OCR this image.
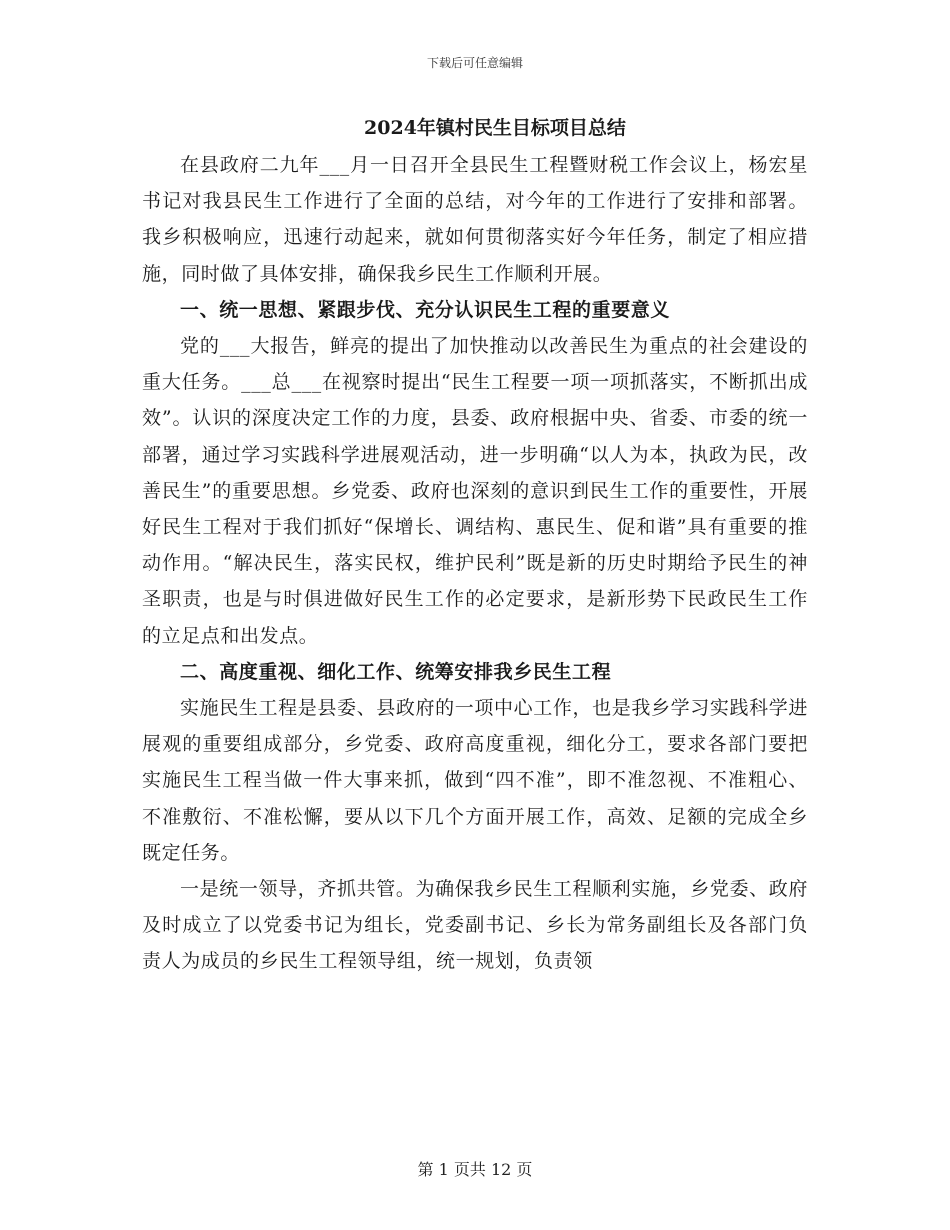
下载后可任意编辑
2024年镇村民生目标项目总结

在县政府二九年___月一日召开全县民生工程暨财税工作会议上，杨宏星书记对我县民生工作进行了全面的总结，对今年的工作进行了安排和部署。我乡积极响应，迅速行动起来，就如何贯彻落实好今年任务，制定了相应措施，同时做了具体安排，确保我乡民生工作顺利开展。

一、统一思想、紧跟步伐、充分认识民生工程的重要意义

党的___大报告，鲜亮的提出了加快推动以改善民生为重点的社会建设的重大任务。___总___在视察时提出“民生工程要一项一项抓落实，不断抓出成效”。认识的深度决定工作的力度，县委、政府根据中央、省委、市委的统一部署，通过学习实践科学进展观活动，进一步明确“以人为本，执政为民，改善民生”的重要思想。乡党委、政府也深刻的意识到民生工作的重要性，开展好民生工程对于我们抓好“保增长、调结构、惠民生、促和谐”具有重要的推动作用。“解决民生，落实民权，维护民利”既是新的历史时期给予民生的神圣职责，也是与时俱进做好民生工作的必定要求，是新形势下民政民生工作的立足点和出发点。

二、高度重视、细化工作、统筹安排我乡民生工程

实施民生工程是县委、县政府的一项中心工作，也是我乡学习实践科学进展观的重要组成部分，乡党委、政府高度重视，细化分工，要求各部门要把实施民生工程当做一件大事来抓，做到“四不准”，即不准忽视、不准粗心、不准敷衍、不准松懈，要从以下几个方面开展工作，高效、足额的完成全乡既定任务。

一是统一领导，齐抓共管。为确保我乡民生工程顺利实施，乡党委、政府及时成立了以党委书记为组长，党委副书记、乡长为常务副组长及各部门负责人为成员的乡民生工程领导组，统一规划，负责领

第 1 页共 12 页
